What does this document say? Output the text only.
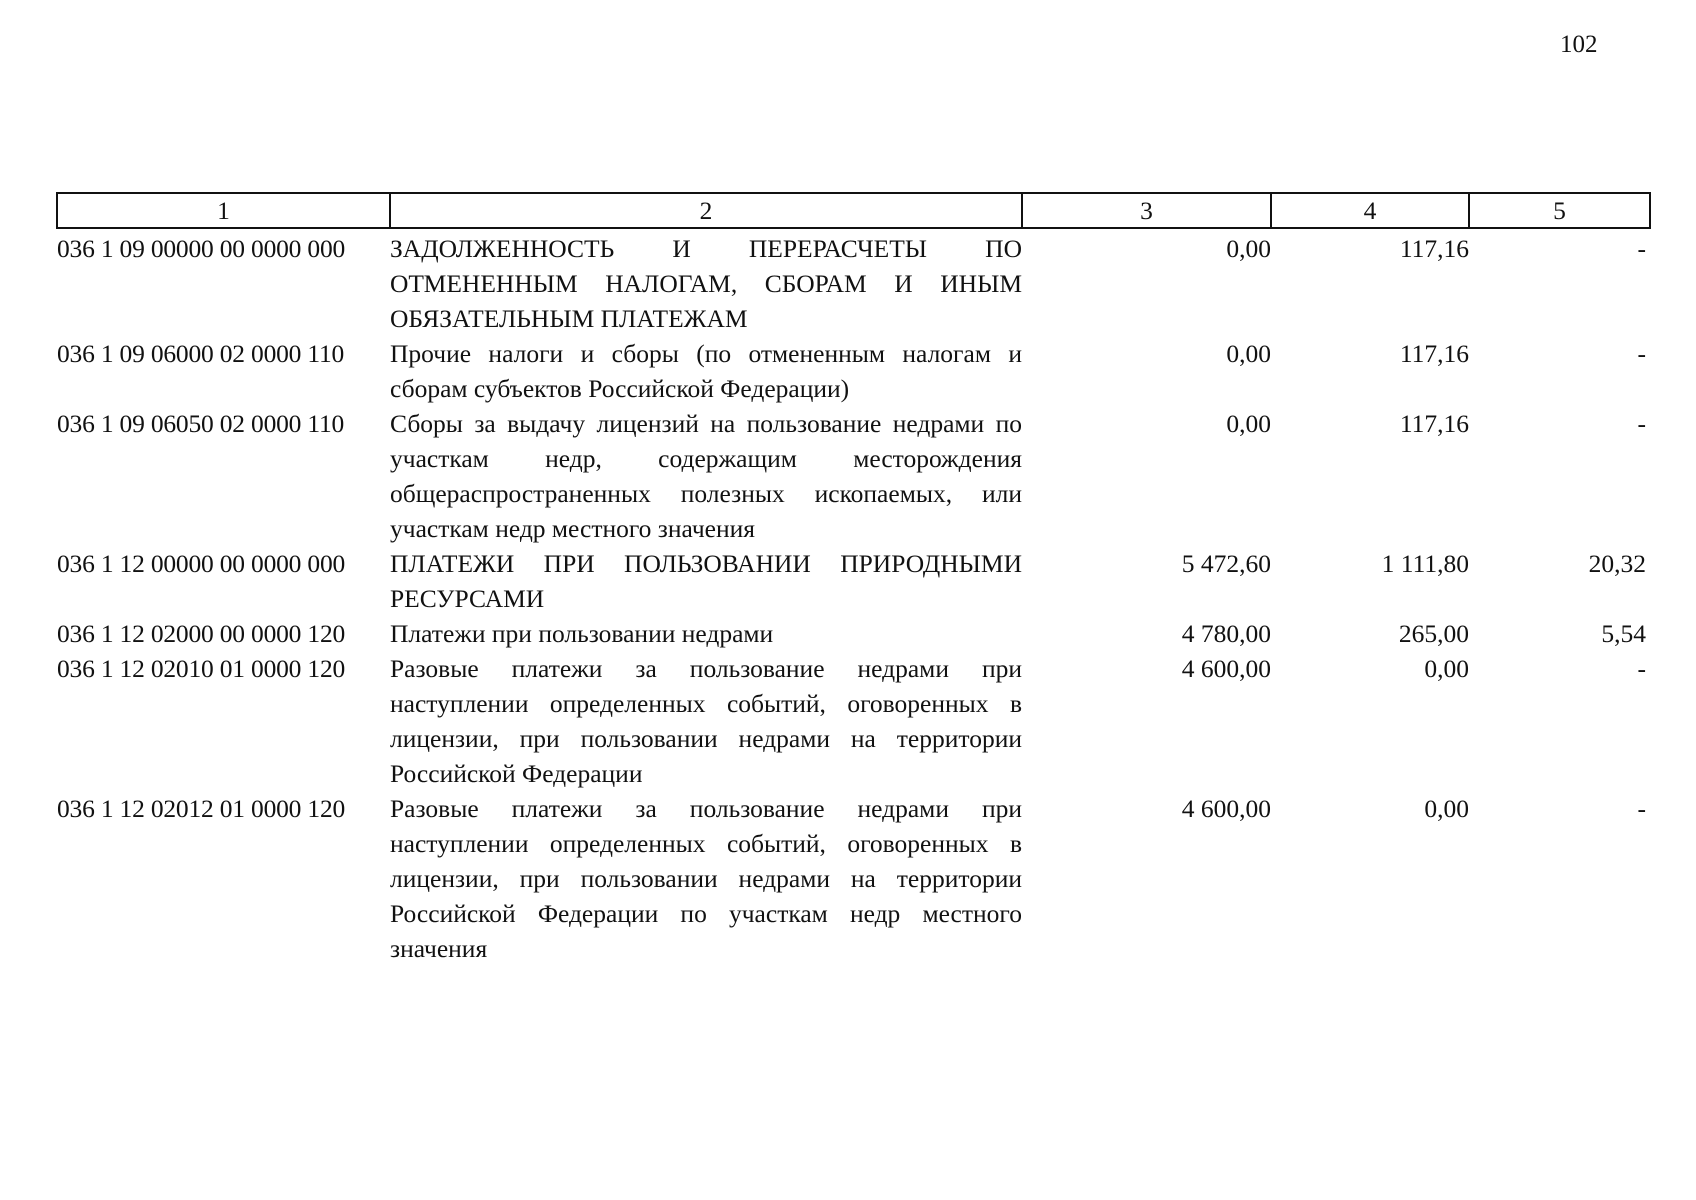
102
1	2	3	4	5
036 1 09 00000 00 0000 000	ЗАДОЛЖЕННОСТЬ И ПЕРЕРАСЧЕТЫ ПО ОТМЕНЕННЫМ НАЛОГАМ, СБОРАМ И ИНЫМ ОБЯЗАТЕЛЬНЫМ ПЛАТЕЖАМ	0,00	117,16	-
036 1 09 06000 02 0000 110	Прочие налоги и сборы (по отмененным налогам и сборам субъектов Российской Федерации)	0,00	117,16	-
036 1 09 06050 02 0000 110	Сборы за выдачу лицензий на пользование недрами по участкам недр, содержащим месторождения общераспространенных полезных ископаемых, или участкам недр местного значения	0,00	117,16	-
036 1 12 00000 00 0000 000	ПЛАТЕЖИ ПРИ ПОЛЬЗОВАНИИ ПРИРОДНЫМИ РЕСУРСАМИ	5 472,60	1 111,80	20,32
036 1 12 02000 00 0000 120	Платежи при пользовании недрами	4 780,00	265,00	5,54
036 1 12 02010 01 0000 120	Разовые платежи за пользование недрами при наступлении определенных событий, оговоренных в лицензии, при пользовании недрами на территории Российской Федерации	4 600,00	0,00	-
036 1 12 02012 01 0000 120	Разовые платежи за пользование недрами при наступлении определенных событий, оговоренных в лицензии, при пользовании недрами на территории Российской Федерации по участкам недр местного значения	4 600,00	0,00	-
